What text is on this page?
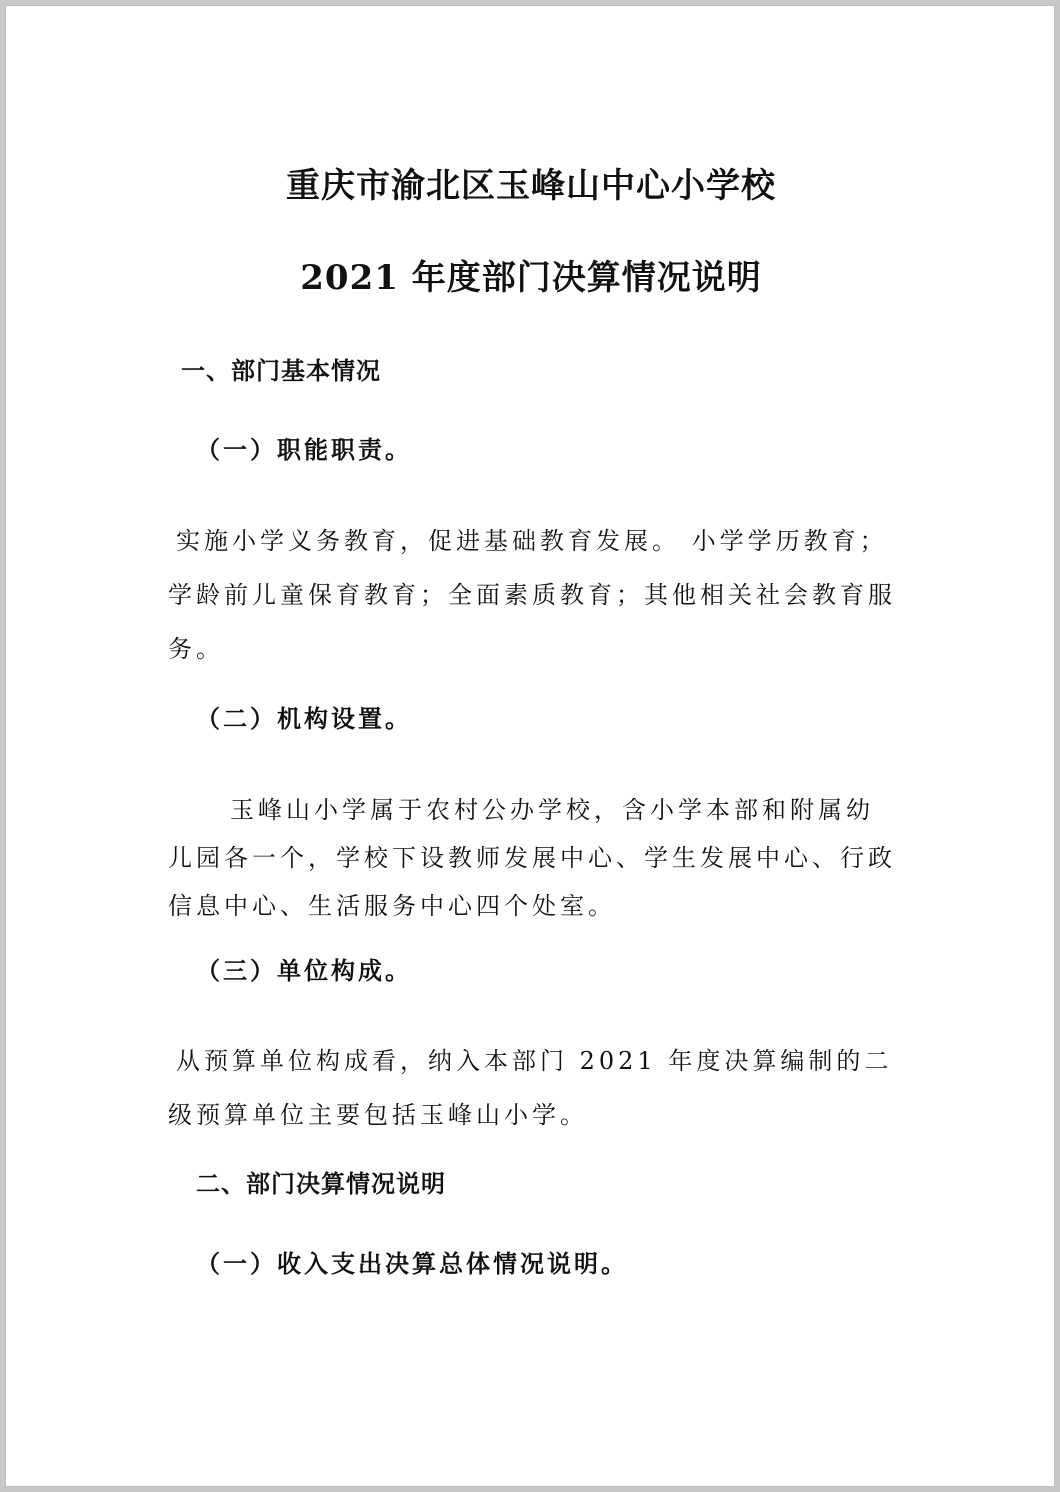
重庆市渝北区玉峰山中心小学校
2021 年度部门决算情况说明
一、部门基本情况
（一）职能职责。

实施小学义务教育，促进基础教育发展。 小学学历教育；学龄前儿童保育教育；全面素质教育；其他相关社会教育服务。

（二）机构设置。

玉峰山小学属于农村公办学校，含小学本部和附属幼儿园各一个，学校下设教师发展中心、学生发展中心、行政信息中心、生活服务中心四个处室。

（三）单位构成。

从预算单位构成看，纳入本部门 2021 年度决算编制的二级预算单位主要包括玉峰山小学。

二、部门决算情况说明
（一）收入支出决算总体情况说明。
